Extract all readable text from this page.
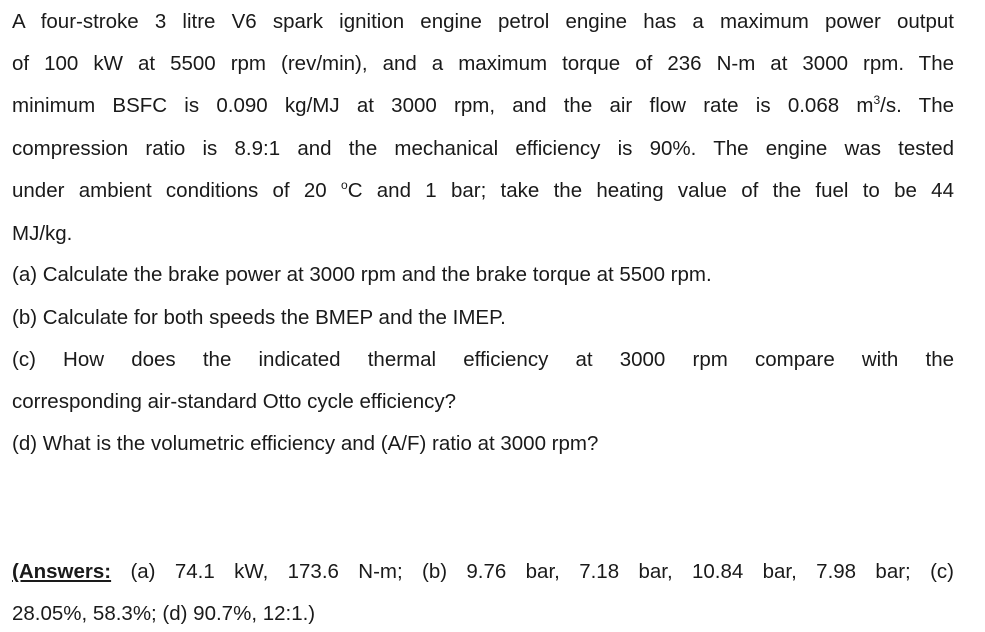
A four-stroke 3 litre V6 spark ignition engine petrol engine has a maximum power output
of 100 kW at 5500 rpm (rev/min), and a maximum torque of 236 N-m at 3000 rpm. The
minimum BSFC is 0.090 kg/MJ at 3000 rpm, and the air flow rate is 0.068 $m^3/s$. The
compression ratio is 8.9:1 and the mechanical efficiency is 90%. The engine was tested
under ambient conditions of 20 $^o$C and 1 bar; take the heating value of the fuel to be 44
MJ/kg.
(a) Calculate the brake power at 3000 rpm and the brake torque at 5500 rpm.
(b) Calculate for both speeds the BMEP and the IMEP.
(c) How does the indicated thermal efficiency at 3000 rpm compare with the
corresponding air-standard Otto cycle efficiency?
(d) What is the volumetric efficiency and (A/F) ratio at 3000 rpm?
(Answers: (a) 74.1 kW, 173.6 N-m; (b) 9.76 bar, 7.18 bar, 10.84 bar, 7.98 bar; (c)
28.05%, 58.3%; (d) 90.7%, 12:1.)
